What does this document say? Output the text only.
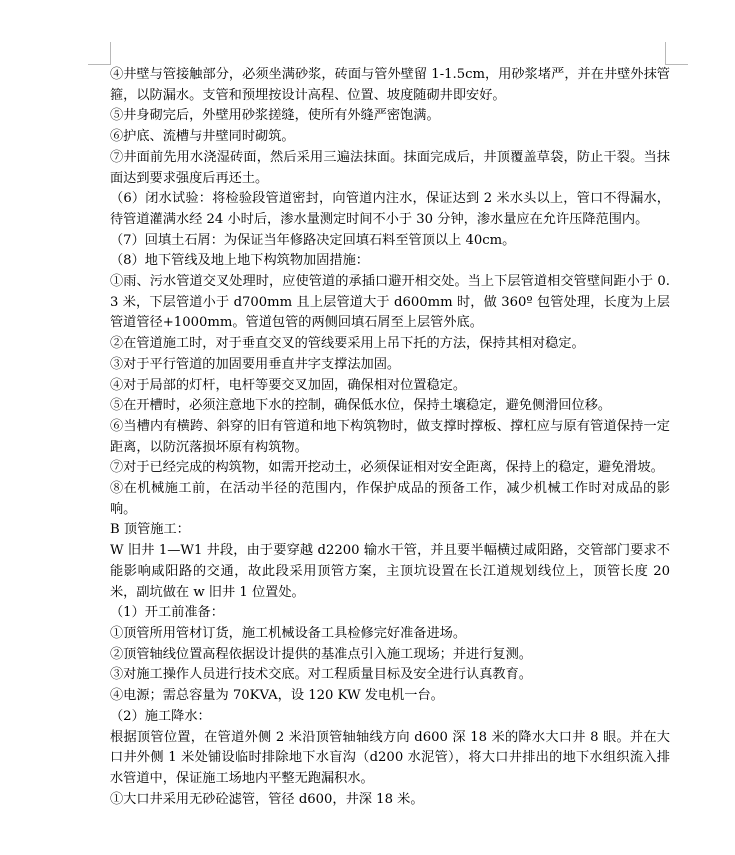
④井壁与管接触部分，必须坐满砂浆，砖面与管外壁留 1-1.5cm，用砂浆堵严，并在井壁外抹管箍，以防漏水。支管和预埋按设计高程、位置、坡度随砌井即安好。

⑤井身砌完后，外壁用砂浆搓缝，使所有外缝严密饱满。

⑥护底、流槽与井壁同时砌筑。

⑦井面前先用水浇湿砖面，然后采用三遍法抹面。抹面完成后，井顶覆盖草袋，防止干裂。当抹面达到要求强度后再还土。

（6）闭水试验：将检验段管道密封，向管道内注水，保证达到 2 米水头以上，管口不得漏水，待管道灌满水经 24 小时后，渗水量测定时间不小于 30 分钟，渗水量应在允许压降范围内。

（7）回填土石屑：为保证当年修路决定回填石料至管顶以上 40cm。

（8）地下管线及地上地下构筑物加固措施：

①雨、污水管道交叉处理时，应使管道的承插口避开相交处。当上下层管道相交管壁间距小于 0.3 米，下层管道小于 d700mm 且上层管道大于 d600mm 时，做 360º 包管处理，长度为上层管道管径+1000mm。管道包管的两侧回填石屑至上层管外底。

②在管道施工时，对于垂直交叉的管线要采用上吊下托的方法，保持其相对稳定。

③对于平行管道的加固要用垂直井字支撑法加固。

④对于局部的灯杆，电杆等要交叉加固，确保相对位置稳定。

⑤在开槽时，必须注意地下水的控制，确保低水位，保持土壤稳定，避免侧滑回位移。

⑥当槽内有横跨、斜穿的旧有管道和地下构筑物时，做支撑时撑板、撑杠应与原有管道保持一定距离，以防沉落损坏原有构筑物。

⑦对于已经完成的构筑物，如需开挖动土，必须保证相对安全距离，保持上的稳定，避免滑坡。

⑧在机械施工前，在活动半径的范围内，作保护成品的预备工作，减少机械工作时对成品的影响。

B 顶管施工：

W 旧井 1—W1 井段，由于要穿越 d2200 输水干管，并且要半幅横过咸阳路，交管部门要求不能影响咸阳路的交通，故此段采用顶管方案，主顶坑设置在长江道规划线位上，顶管长度 20 米，副坑做在 w 旧井 1 位置处。

（1）开工前准备：

①顶管所用管材订货，施工机械设备工具检修完好准备进场。

②顶管轴线位置高程依据设计提供的基准点引入施工现场；并进行复测。

③对施工操作人员进行技术交底。对工程质量目标及安全进行认真教育。

④电源；需总容量为 70KVA，设 120 KW 发电机一台。

（2）施工降水：

根据顶管位置，在管道外侧 2 米沿顶管轴轴线方向 d600 深 18 米的降水大口井 8 眼。并在大口井外侧 1 米处铺设临时排除地下水盲沟（d200 水泥管），将大口井排出的地下水组织流入排水管道中，保证施工场地内平整无跑漏积水。

①大口井采用无砂砼滤管，管径 d600，井深 18 米。
